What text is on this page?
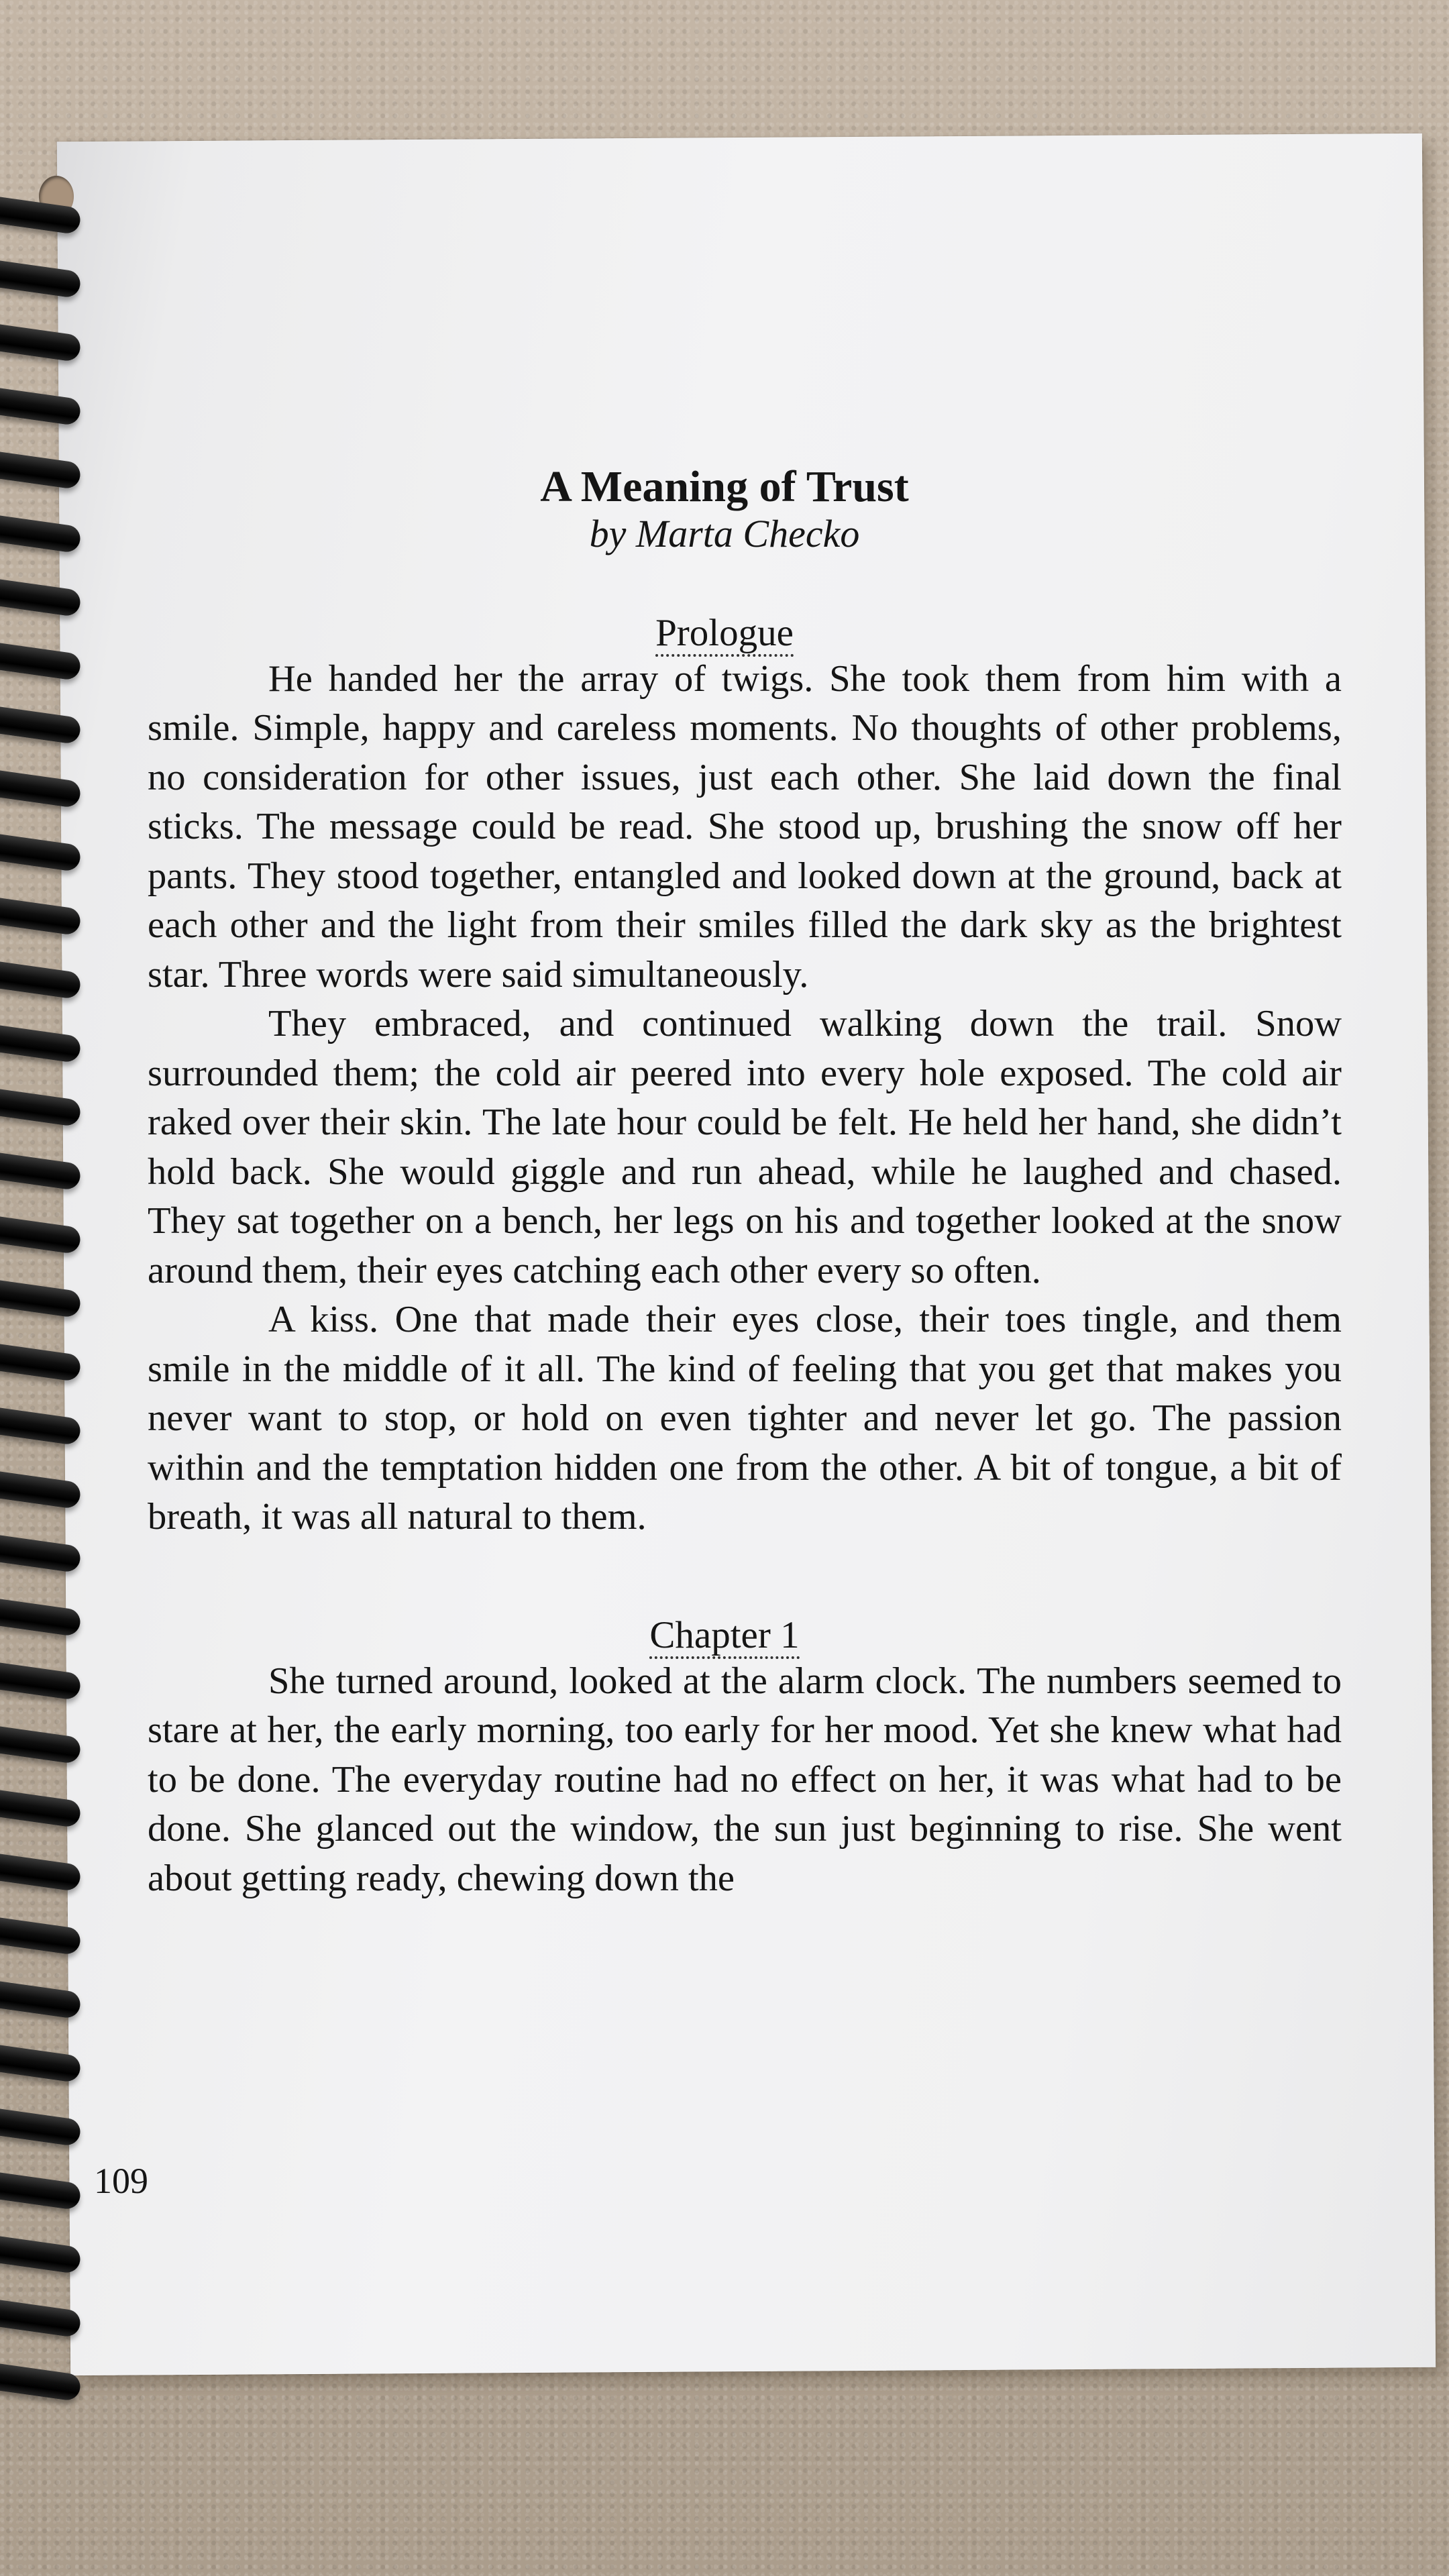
A Meaning of Trust
by Marta Checko
Prologue

He handed her the array of twigs. She took them from him with a smile. Simple, happy and careless moments. No thoughts of other problems, no consideration for other issues, just each other. She laid down the final sticks. The message could be read. She stood up, brushing the snow off her pants. They stood together, entangled and looked down at the ground, back at each other and the light from their smiles filled the dark sky as the brightest star. Three words were said simultaneously.

They embraced, and continued walking down the trail. Snow surrounded them; the cold air peered into every hole exposed. The cold air raked over their skin. The late hour could be felt. He held her hand, she didn’t hold back. She would giggle and run ahead, while he laughed and chased. They sat together on a bench, her legs on his and together looked at the snow around them, their eyes catching each other every so often.

A kiss. One that made their eyes close, their toes tingle, and them smile in the middle of it all. The kind of feeling that you get that makes you never want to stop, or hold on even tighter and never let go. The passion within and the temptation hidden one from the other. A bit of tongue, a bit of breath, it was all natural to them.

Chapter 1

She turned around, looked at the alarm clock. The numbers seemed to stare at her, the early morning, too early for her mood. Yet she knew what had to be done. The everyday routine had no effect on her, it was what had to be done. She glanced out the window, the sun just beginning to rise. She went about getting ready, chewing down the

109
